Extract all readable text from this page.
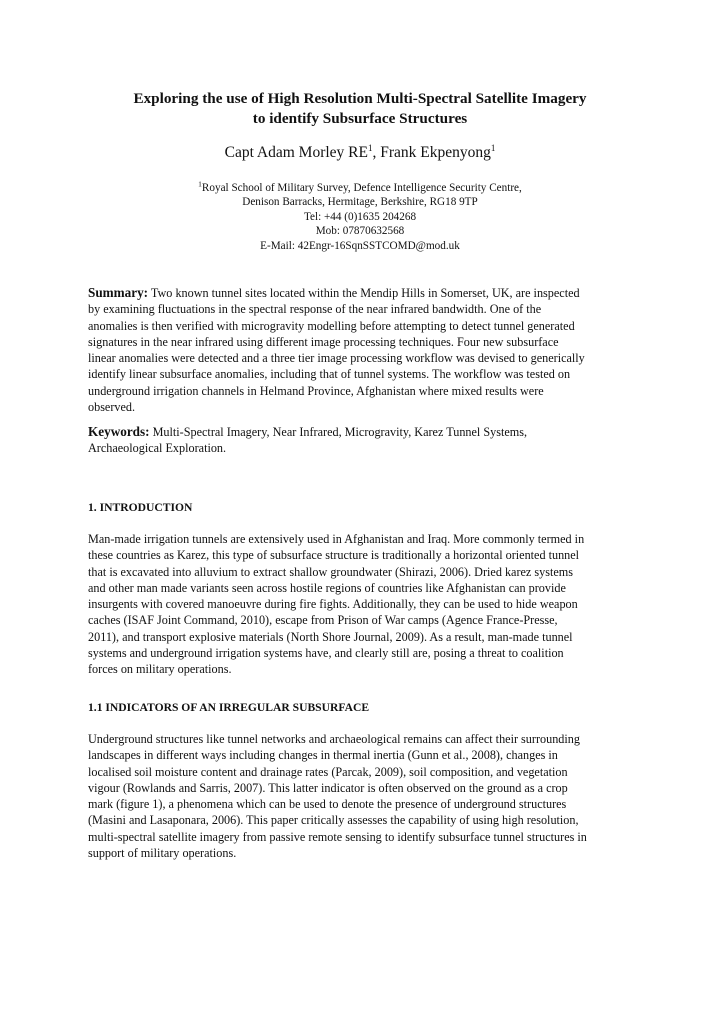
Exploring the use of High Resolution Multi-Spectral Satellite Imagery
to identify Subsurface Structures
Capt Adam Morley $RE^1$, Frank Ekpenyong$^1$
$^1$Royal School of Military Survey, Defence Intelligence Security Centre,
Denison Barracks, Hermitage, Berkshire, RG18 9TP
Tel: +44 (0)1635 204268
Mob: 07870632568
E-Mail: 42Engr-16SqnSSTCOMD@mod.uk
Summary: Two known tunnel sites located within the Mendip Hills in Somerset, UK, are inspected
by examining fluctuations in the spectral response of the near infrared bandwidth. One of the
anomalies is then verified with microgravity modelling before attempting to detect tunnel generated
signatures in the near infrared using different image processing techniques. Four new subsurface
linear anomalies were detected and a three tier image processing workflow was devised to generically
identify linear subsurface anomalies, including that of tunnel systems. The workflow was tested on
underground irrigation channels in Helmand Province, Afghanistan where mixed results were
observed.
Keywords: Multi-Spectral Imagery, Near Infrared, Microgravity, Karez Tunnel Systems,
Archaeological Exploration.
1. INTRODUCTION
Man-made irrigation tunnels are extensively used in Afghanistan and Iraq. More commonly termed in
these countries as Karez, this type of subsurface structure is traditionally a horizontal oriented tunnel
that is excavated into alluvium to extract shallow groundwater (Shirazi, 2006). Dried karez systems
and other man made variants seen across hostile regions of countries like Afghanistan can provide
insurgents with covered manoeuvre during fire fights. Additionally, they can be used to hide weapon
caches (ISAF Joint Command, 2010), escape from Prison of War camps (Agence France-Presse,
2011), and transport explosive materials (North Shore Journal, 2009). As a result, man-made tunnel
systems and underground irrigation systems have, and clearly still are, posing a threat to coalition
forces on military operations.
1.1 INDICATORS OF AN IRREGULAR SUBSURFACE
Underground structures like tunnel networks and archaeological remains can affect their surrounding
landscapes in different ways including changes in thermal inertia (Gunn et al., 2008), changes in
localised soil moisture content and drainage rates (Parcak, 2009), soil composition, and vegetation
vigour (Rowlands and Sarris, 2007). This latter indicator is often observed on the ground as a crop
mark (figure 1), a phenomena which can be used to denote the presence of underground structures
(Masini and Lasaponara, 2006). This paper critically assesses the capability of using high resolution,
multi-spectral satellite imagery from passive remote sensing to identify subsurface tunnel structures in
support of military operations.
